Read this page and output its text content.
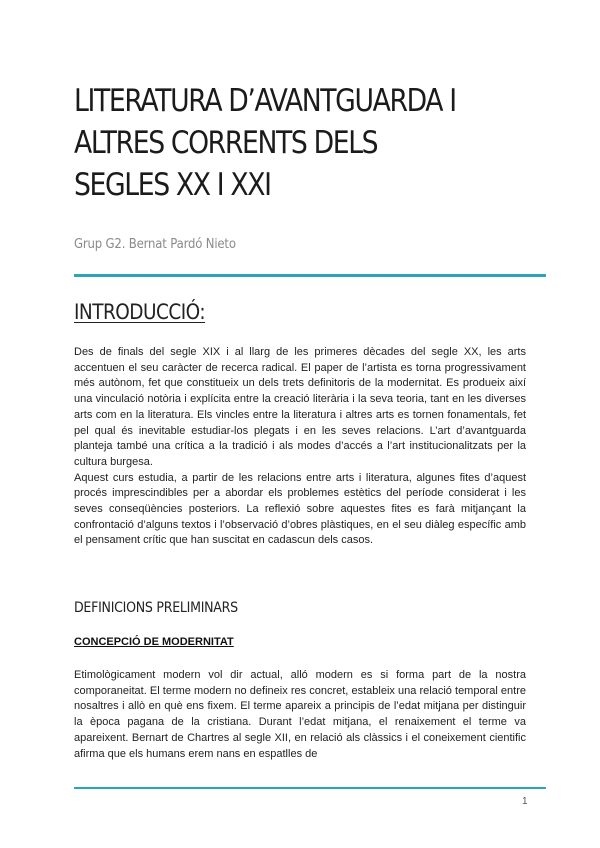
LITERATURA D’AVANTGUARDA I ALTRES CORRENTS DELS SEGLES XX I XXI
Grup G2. Bernat Pardó Nieto
INTRODUCCIÓ:

Des de finals del segle XIX i al llarg de les primeres dècades del segle XX, les arts accentuen el seu caràcter de recerca radical. El paper de l’artista es torna progressivament més autònom, fet que constitueix un dels trets definitoris de la modernitat. Es produeix així una vinculació notòria i explícita entre la creació literària i la seva teoria, tant en les diverses arts com en la literatura. Els vincles entre la literatura i altres arts es tornen fonamentals, fet pel qual és inevitable estudiar-los plegats i en les seves relacions. L’art d’avantguarda planteja també una crítica a la tradició i als modes d’accés a l’art institucionalitzats per la cultura burgesa.

Aquest curs estudia, a partir de les relacions entre arts i literatura, algunes fites d’aquest procés imprescindibles per a abordar els problemes estètics del període considerat i les seves conseqüències posteriors. La reflexió sobre aquestes fites es farà mitjançant la confrontació d’alguns textos i l’observació d’obres plàstiques, en el seu diàleg específic amb el pensament crític que han suscitat en cadascun dels casos.

DEFINICIONS PRELIMINARS
CONCEPCIÓ DE MODERNITAT

Etimològicament modern vol dir actual, alló modern es si forma part de la nostra comporaneitat. El terme modern no defineix res concret, estableix una relació temporal entre nosaltres i allò en què ens fixem. El terme apareix a principis de l’edat mitjana per distinguir la època pagana de la cristiana. Durant l’edat mitjana, el renaixement el terme va apareixent. Bernart de Chartres al segle XII, en relació als clàssics i el coneixement cientific afirma que els humans erem nans en espatlles de

1
